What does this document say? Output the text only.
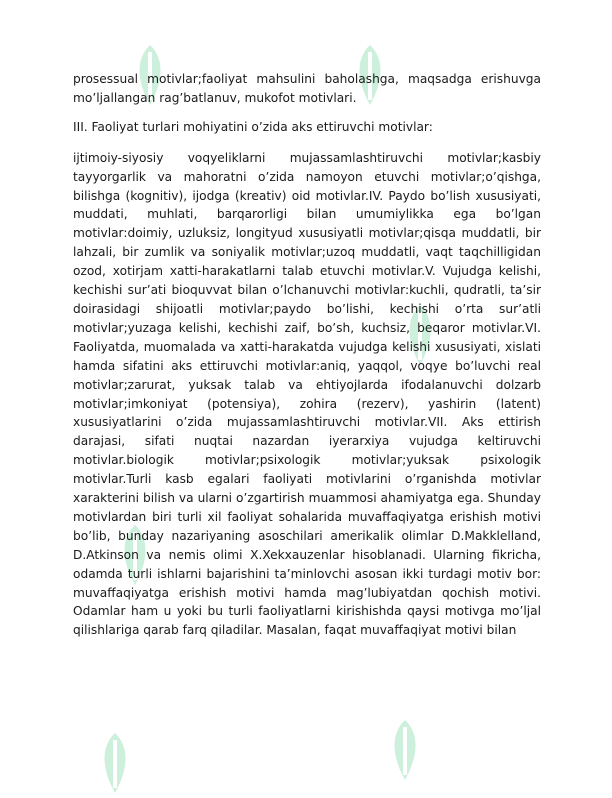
prosessual motivlar;faoliyat mahsulini baholashga, maqsadga erishuvga mo’ljallangan rag’batlanuv, mukofot motivlari.

III. Faoliyat turlari mohiyatini o’zida aks ettiruvchi motivlar:

ijtimoiy-siyosiy voqyeliklarni mujassamlashtiruvchi motivlar;kasbiy tayyorgarlik va mahoratni o’zida namoyon etuvchi motivlar;o’qishga, bilishga (kognitiv), ijodga (kreativ) oid motivlar.IV. Paydo bo’lish xususiyati, muddati, muhlati, barqarorligi bilan umumiylikka ega bo’lgan motivlar:doimiy, uzluksiz, longityud xususiyatli motivlar;qisqa muddatli, bir lahzali, bir zumlik va soniyalik motivlar;uzoq muddatli, vaqt taqchilligidan ozod, xotirjam xatti-harakatlarni talab etuvchi motivlar.V. Vujudga kelishi, kechishi sur’ati bioquvvat bilan o’lchanuvchi motivlar:kuchli, qudratli, ta’sir doirasidagi shijoatli motivlar;paydo bo’lishi, kechishi o’rta sur’atli motivlar;yuzaga kelishi, kechishi zaif, bo’sh, kuchsiz, beqaror motivlar.VI. Faoliyatda, muomalada va xatti-harakatda vujudga kelishi xususiyati, xislati hamda sifatini aks ettiruvchi motivlar:aniq, yaqqol, voqye bo’luvchi real motivlar;zarurat, yuksak talab va ehtiyojlarda ifodalanuvchi dolzarb motivlar;imkoniyat (potensiya), zohira (rezerv), yashirin (latent) xususiyatlarini o’zida mujassamlashtiruvchi motivlar.VII. Aks ettirish darajasi, sifati nuqtai nazardan iyerarxiya vujudga keltiruvchi motivlar.biologik motivlar;psixologik motivlar;yuksak psixologik motivlar.Turli kasb egalari faoliyati motivlarini o’rganishda motivlar xarakterini bilish va ularni o’zgartirish muammosi ahamiyatga ega. Shunday motivlardan biri turli xil faoliyat sohalarida muvaffaqiyatga erishish motivi bo’lib, bunday nazariyaning asoschilari amerikalik olimlar D.Makklelland, D.Atkinson va nemis olimi X.Xekxauzenlar hisoblanadi. Ularning fikricha, odamda turli ishlarni bajarishini ta’minlovchi asosan ikki turdagi motiv bor: muvaffaqiyatga erishish motivi hamda mag’lubiyatdan qochish motivi. Odamlar ham u yoki bu turli faoliyatlarni kirishishda qaysi motivga mo’ljal qilishlariga qarab farq qiladilar. Masalan, faqat muvaffaqiyat motivi bilan
